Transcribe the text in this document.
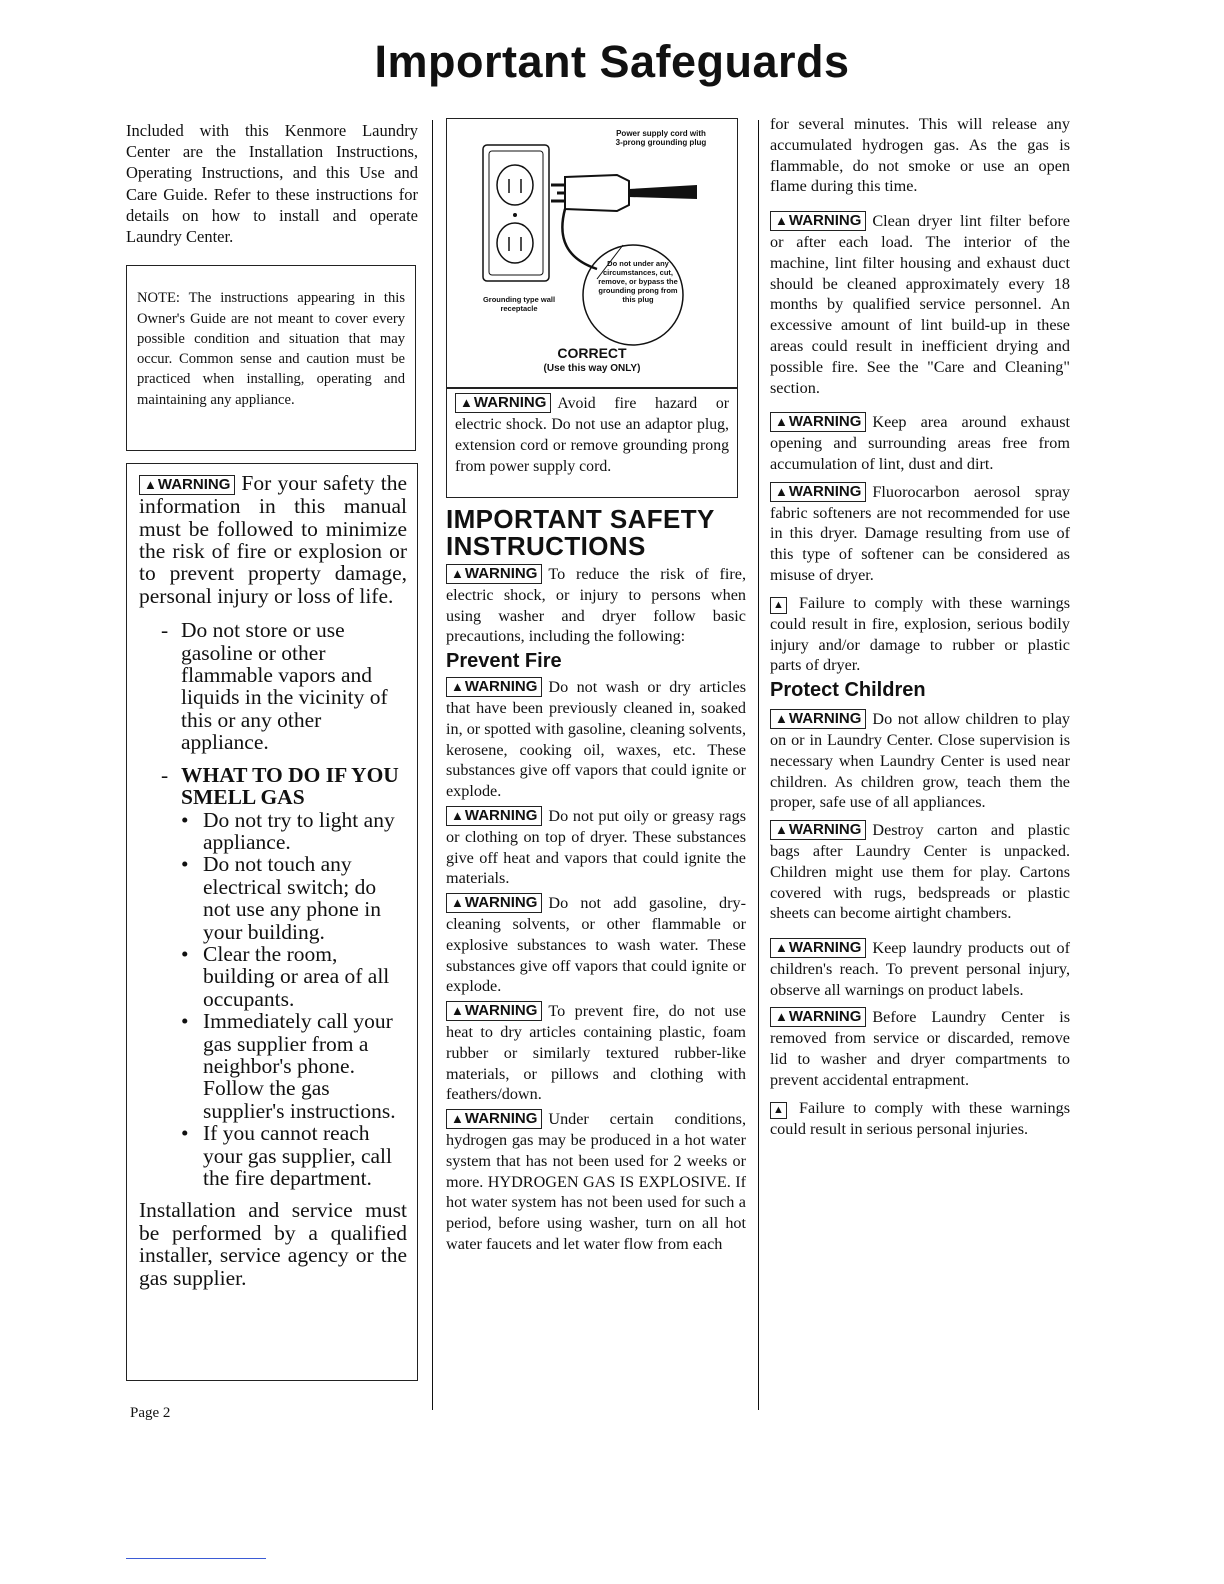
Important Safeguards

Included with this Kenmore Laundry Center are the Installation Instructions, Operating Instructions, and this Use and Care Guide. Refer to these instructions for details on how to install and operate Laundry Center.

NOTE: The instructions appearing in this Owner's Guide are not meant to cover every possible condition and situation that may occur. Common sense and caution must be practiced when installing, operating and maintaining any appliance.

▲WARNING For your safety the information in this manual must be followed to minimize the risk of fire or explosion or to prevent property damage, personal injury or loss of life.

- Do not store or use gasoline or other flammable vapors and liquids in the vicinity of this or any other appliance.
- WHAT TO DO IF YOU SMELL GAS
• Do not try to light any appliance.
• Do not touch any electrical switch; do not use any phone in your building.
• Clear the room, building or area of all occupants.
• Immediately call your gas supplier from a neighbor's phone. Follow the gas supplier's instructions.
• If you cannot reach your gas supplier, call the fire department.

Installation and service must be performed by a qualified installer, service agency or the gas supplier.

Power supply cord with 3-prong grounding plug
Do not under any circumstances, cut, remove, or bypass the grounding prong from this plug
Grounding type wall receptacle
CORRECT
(Use this way ONLY)

▲WARNING Avoid fire hazard or electric shock. Do not use an adaptor plug, extension cord or remove grounding prong from power supply cord.

IMPORTANT SAFETY INSTRUCTIONS

▲WARNING To reduce the risk of fire, electric shock, or injury to persons when using washer and dryer follow basic precautions, including the following:

Prevent Fire

▲WARNING Do not wash or dry articles that have been previously cleaned in, soaked in, or spotted with gasoline, cleaning solvents, kerosene, cooking oil, waxes, etc. These substances give off vapors that could ignite or explode.

▲WARNING Do not put oily or greasy rags or clothing on top of dryer. These substances give off heat and vapors that could ignite the materials.

▲WARNING Do not add gasoline, dry-cleaning solvents, or other flammable or explosive substances to wash water. These substances give off vapors that could ignite or explode.

▲WARNING To prevent fire, do not use heat to dry articles containing plastic, foam rubber or similarly textured rubber-like materials, or pillows and clothing with feathers/down.

▲WARNING Under certain conditions, hydrogen gas may be produced in a hot water system that has not been used for 2 weeks or more. HYDROGEN GAS IS EXPLOSIVE. If hot water system has not been used for such a period, before using washer, turn on all hot water faucets and let water flow from each

for several minutes. This will release any accumulated hydrogen gas. As the gas is flammable, do not smoke or use an open flame during this time.

▲WARNING Clean dryer lint filter before or after each load. The interior of the machine, lint filter housing and exhaust duct should be cleaned approximately every 18 months by qualified service personnel. An excessive amount of lint build-up in these areas could result in inefficient drying and possible fire. See the "Care and Cleaning" section.

▲WARNING Keep area around exhaust opening and surrounding areas free from accumulation of lint, dust and dirt.

▲WARNING Fluorocarbon aerosol spray fabric softeners are not recommended for use in this dryer. Damage resulting from use of this type of softener can be considered as misuse of dryer.

▲ Failure to comply with these warnings could result in fire, explosion, serious bodily injury and/or damage to rubber or plastic parts of dryer.

Protect Children

▲WARNING Do not allow children to play on or in Laundry Center. Close supervision is necessary when Laundry Center is used near children. As children grow, teach them the proper, safe use of all appliances.

▲WARNING Destroy carton and plastic bags after Laundry Center is unpacked. Children might use them for play. Cartons covered with rugs, bedspreads or plastic sheets can become airtight chambers.

▲WARNING Keep laundry products out of children's reach. To prevent personal injury, observe all warnings on product labels.

▲WARNING Before Laundry Center is removed from service or discarded, remove lid to washer and dryer compartments to prevent accidental entrapment.

▲ Failure to comply with these warnings could result in serious personal injuries.

Page 2
